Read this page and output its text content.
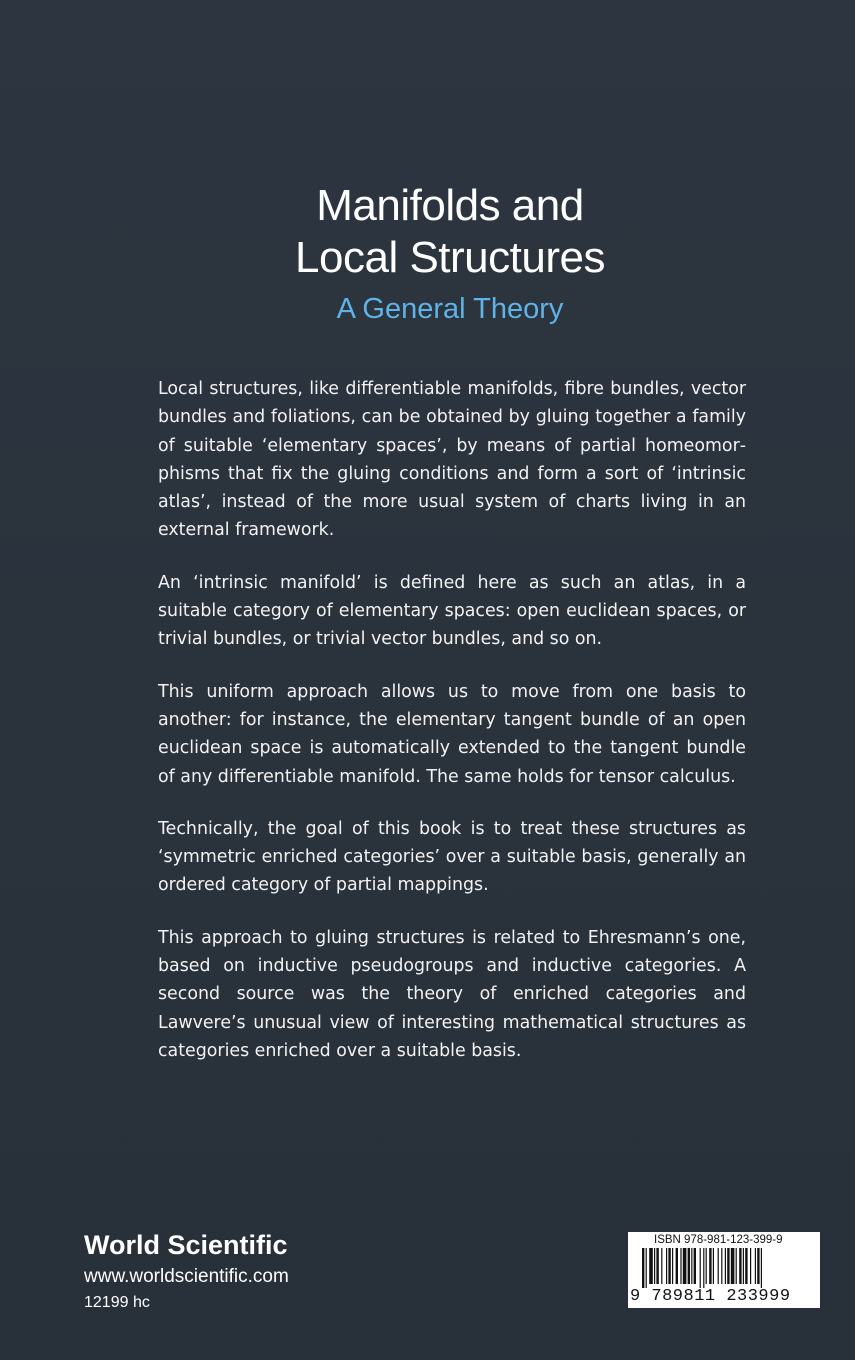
Manifolds and
Local Structures
A General Theory

Local structures, like differentiable manifolds, fibre bundles, vector bundles and foliations, can be obtained by gluing together a family of suitable ‘elementary spaces’, by means of partial homeomorphisms that fix the gluing conditions and form a sort of ‘intrinsic atlas’, instead of the more usual system of charts living in an external framework.

An ‘intrinsic manifold’ is defined here as such an atlas, in a suitable category of elementary spaces: open euclidean spaces, or trivial bundles, or trivial vector bundles, and so on.

This uniform approach allows us to move from one basis to another: for instance, the elementary tangent bundle of an open euclidean space is automatically extended to the tangent bundle of any differentiable manifold. The same holds for tensor calculus.

Technically, the goal of this book is to treat these structures as ‘symmetric enriched categories’ over a suitable basis, generally an ordered category of partial mappings.

This approach to gluing structures is related to Ehresmann’s one, based on inductive pseudogroups and inductive categories. A second source was the theory of enriched categories and Lawvere’s unusual view of interesting mathematical structures as categories enriched over a suitable basis.

World Scientific
www.worldscientific.com
12199 hc
ISBN 978-981-123-399-9
9 789811 233999
